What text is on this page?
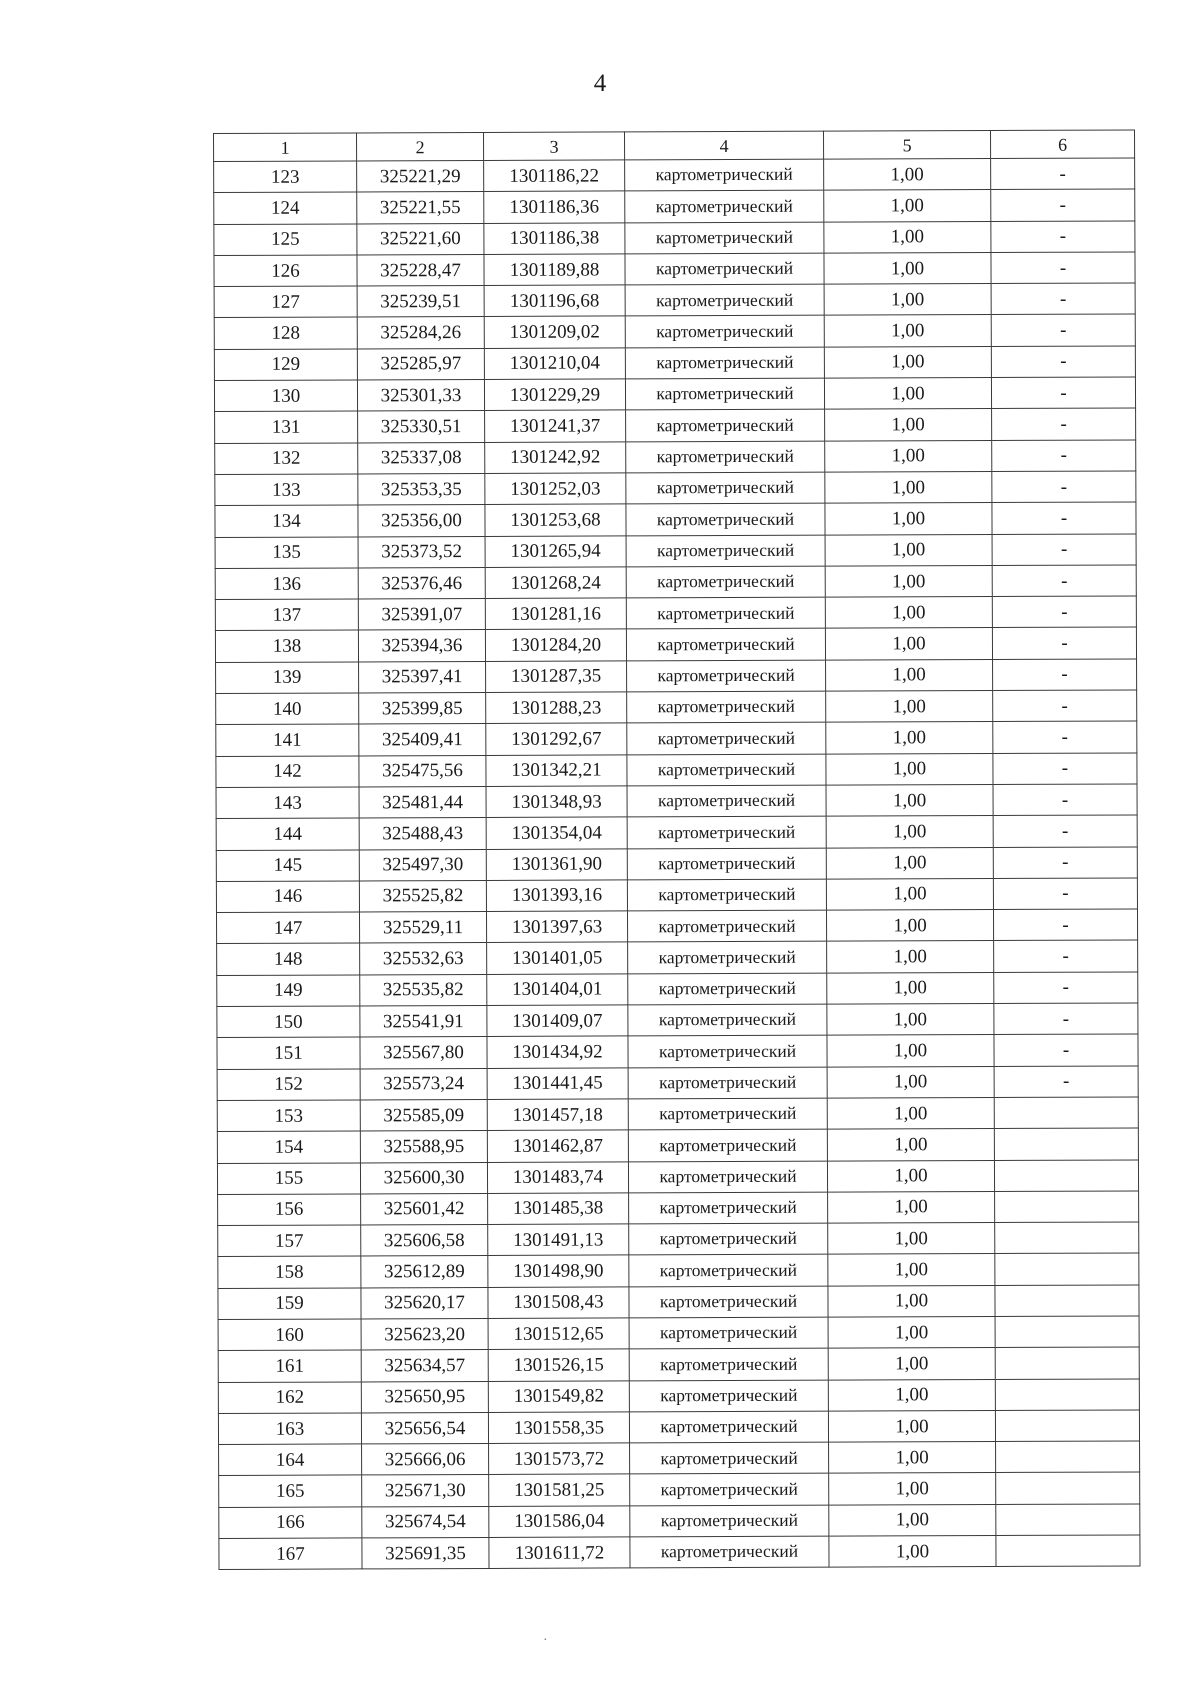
4
1	2	3	4	5	6
123	325221,29	1301186,22	картометрический	1,00	-
124	325221,55	1301186,36	картометрический	1,00	-
125	325221,60	1301186,38	картометрический	1,00	-
126	325228,47	1301189,88	картометрический	1,00	-
127	325239,51	1301196,68	картометрический	1,00	-
128	325284,26	1301209,02	картометрический	1,00	-
129	325285,97	1301210,04	картометрический	1,00	-
130	325301,33	1301229,29	картометрический	1,00	-
131	325330,51	1301241,37	картометрический	1,00	-
132	325337,08	1301242,92	картометрический	1,00	-
133	325353,35	1301252,03	картометрический	1,00	-
134	325356,00	1301253,68	картометрический	1,00	-
135	325373,52	1301265,94	картометрический	1,00	-
136	325376,46	1301268,24	картометрический	1,00	-
137	325391,07	1301281,16	картометрический	1,00	-
138	325394,36	1301284,20	картометрический	1,00	-
139	325397,41	1301287,35	картометрический	1,00	-
140	325399,85	1301288,23	картометрический	1,00	-
141	325409,41	1301292,67	картометрический	1,00	-
142	325475,56	1301342,21	картометрический	1,00	-
143	325481,44	1301348,93	картометрический	1,00	-
144	325488,43	1301354,04	картометрический	1,00	-
145	325497,30	1301361,90	картометрический	1,00	-
146	325525,82	1301393,16	картометрический	1,00	-
147	325529,11	1301397,63	картометрический	1,00	-
148	325532,63	1301401,05	картометрический	1,00	-
149	325535,82	1301404,01	картометрический	1,00	-
150	325541,91	1301409,07	картометрический	1,00	-
151	325567,80	1301434,92	картометрический	1,00	-
152	325573,24	1301441,45	картометрический	1,00	-
153	325585,09	1301457,18	картометрический	1,00	
154	325588,95	1301462,87	картометрический	1,00	
155	325600,30	1301483,74	картометрический	1,00	
156	325601,42	1301485,38	картометрический	1,00	
157	325606,58	1301491,13	картометрический	1,00	
158	325612,89	1301498,90	картометрический	1,00	
159	325620,17	1301508,43	картометрический	1,00	
160	325623,20	1301512,65	картометрический	1,00	
161	325634,57	1301526,15	картометрический	1,00	
162	325650,95	1301549,82	картометрический	1,00	
163	325656,54	1301558,35	картометрический	1,00	
164	325666,06	1301573,72	картометрический	1,00	
165	325671,30	1301581,25	картометрический	1,00	
166	325674,54	1301586,04	картометрический	1,00	
167	325691,35	1301611,72	картометрический	1,00	
·
